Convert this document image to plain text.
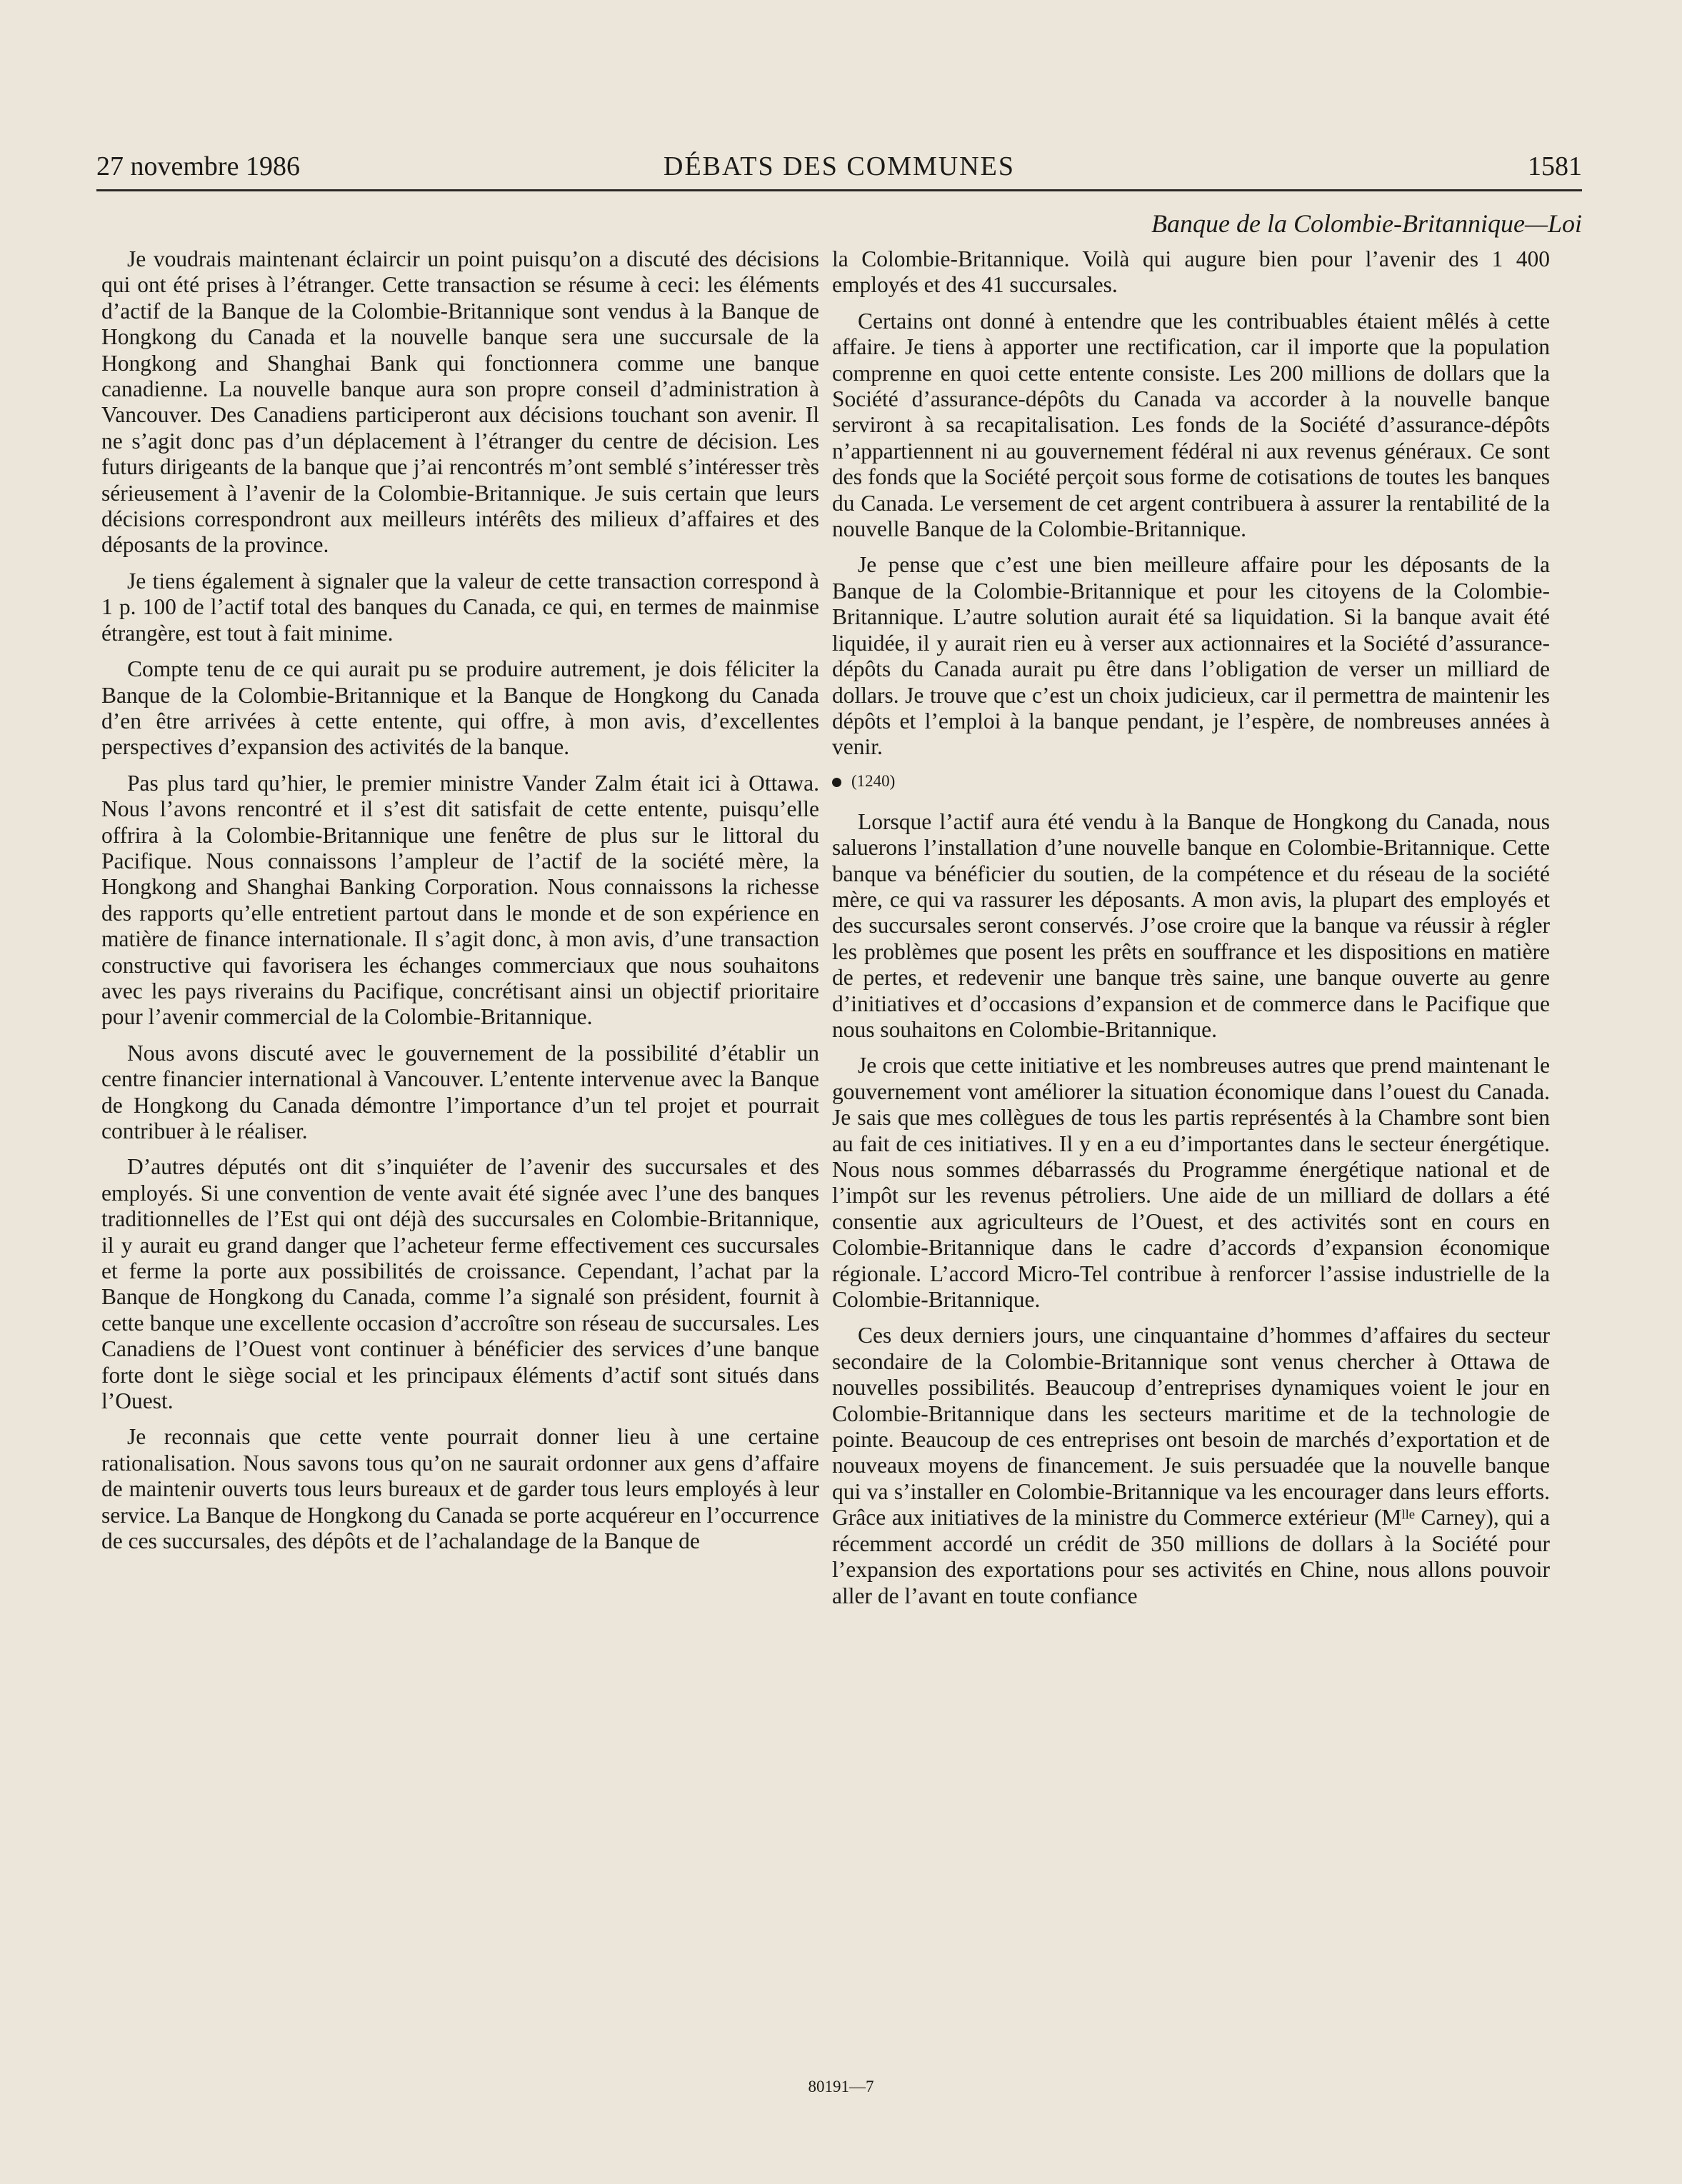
27 novembre 1986	DÉBATS DES COMMUNES	1581
Banque de la Colombie-Britannique—Loi

Je voudrais maintenant éclaircir un point puisqu’on a discuté des décisions qui ont été prises à l’étranger. Cette transaction se résume à ceci: les éléments d’actif de la Banque de la Colombie-Britannique sont vendus à la Banque de Hongkong du Canada et la nouvelle banque sera une succursale de la Hongkong and Shanghai Bank qui fonctionnera comme une banque canadienne. La nouvelle banque aura son propre conseil d’administration à Vancouver. Des Canadiens participeront aux décisions touchant son avenir. Il ne s’agit donc pas d’un déplacement à l’étranger du centre de décision. Les futurs dirigeants de la banque que j’ai rencontrés m’ont semblé s’intéresser très sérieusement à l’avenir de la Colombie-Britannique. Je suis certain que leurs décisions correspondront aux meilleurs intérêts des milieux d’affaires et des déposants de la province.

Je tiens également à signaler que la valeur de cette transaction correspond à 1 p. 100 de l’actif total des banques du Canada, ce qui, en termes de mainmise étrangère, est tout à fait minime.

Compte tenu de ce qui aurait pu se produire autrement, je dois féliciter la Banque de la Colombie-Britannique et la Banque de Hongkong du Canada d’en être arrivées à cette entente, qui offre, à mon avis, d’excellentes perspectives d’expansion des activités de la banque.

Pas plus tard qu’hier, le premier ministre Vander Zalm était ici à Ottawa. Nous l’avons rencontré et il s’est dit satisfait de cette entente, puisqu’elle offrira à la Colombie-Britannique une fenêtre de plus sur le littoral du Pacifique. Nous connaissons l’ampleur de l’actif de la société mère, la Hongkong and Shanghai Banking Corporation. Nous connaissons la richesse des rapports qu’elle entretient partout dans le monde et de son expérience en matière de finance internationale. Il s’agit donc, à mon avis, d’une transaction constructive qui favorisera les échanges commerciaux que nous souhaitons avec les pays riverains du Pacifique, concrétisant ainsi un objectif prioritaire pour l’avenir commercial de la Colombie-Britannique.

Nous avons discuté avec le gouvernement de la possibilité d’établir un centre financier international à Vancouver. L’entente intervenue avec la Banque de Hongkong du Canada démontre l’importance d’un tel projet et pourrait contribuer à le réaliser.

D’autres députés ont dit s’inquiéter de l’avenir des succursales et des employés. Si une convention de vente avait été signée avec l’une des banques traditionnelles de l’Est qui ont déjà des succursales en Colombie-Britannique, il y aurait eu grand danger que l’acheteur ferme effectivement ces succursales et ferme la porte aux possibilités de croissance. Cependant, l’achat par la Banque de Hongkong du Canada, comme l’a signalé son président, fournit à cette banque une excellente occasion d’accroître son réseau de succursales. Les Canadiens de l’Ouest vont continuer à bénéficier des services d’une banque forte dont le siège social et les principaux éléments d’actif sont situés dans l’Ouest.

Je reconnais que cette vente pourrait donner lieu à une certaine rationalisation. Nous savons tous qu’on ne saurait ordonner aux gens d’affaire de maintenir ouverts tous leurs bureaux et de garder tous leurs employés à leur service. La Banque de Hongkong du Canada se porte acquéreur en l’occurrence de ces succursales, des dépôts et de l’achalandage de la Banque de

la Colombie-Britannique. Voilà qui augure bien pour l’avenir des 1 400 employés et des 41 succursales.

Certains ont donné à entendre que les contribuables étaient mêlés à cette affaire. Je tiens à apporter une rectification, car il importe que la population comprenne en quoi cette entente consiste. Les 200 millions de dollars que la Société d’assurance-dépôts du Canada va accorder à la nouvelle banque serviront à sa recapitalisation. Les fonds de la Société d’assurance-dépôts n’appartiennent ni au gouvernement fédéral ni aux revenus généraux. Ce sont des fonds que la Société perçoit sous forme de cotisations de toutes les banques du Canada. Le versement de cet argent contribuera à assurer la rentabilité de la nouvelle Banque de la Colombie-Britannique.

Je pense que c’est une bien meilleure affaire pour les déposants de la Banque de la Colombie-Britannique et pour les citoyens de la Colombie-Britannique. L’autre solution aurait été sa liquidation. Si la banque avait été liquidée, il y aurait rien eu à verser aux actionnaires et la Société d’assurance-dépôts du Canada aurait pu être dans l’obligation de verser un milliard de dollars. Je trouve que c’est un choix judicieux, car il permettra de maintenir les dépôts et l’emploi à la banque pendant, je l’espère, de nombreuses années à venir.

(1240)

Lorsque l’actif aura été vendu à la Banque de Hongkong du Canada, nous saluerons l’installation d’une nouvelle banque en Colombie-Britannique. Cette banque va bénéficier du soutien, de la compétence et du réseau de la société mère, ce qui va rassurer les déposants. A mon avis, la plupart des employés et des succursales seront conservés. J’ose croire que la banque va réussir à régler les problèmes que posent les prêts en souffrance et les dispositions en matière de pertes, et redevenir une banque très saine, une banque ouverte au genre d’initiatives et d’occasions d’expansion et de commerce dans le Pacifique que nous souhaitons en Colombie-Britannique.

Je crois que cette initiative et les nombreuses autres que prend maintenant le gouvernement vont améliorer la situation économique dans l’ouest du Canada. Je sais que mes collègues de tous les partis représentés à la Chambre sont bien au fait de ces initiatives. Il y en a eu d’importantes dans le secteur énergétique. Nous nous sommes débarrassés du Programme énergétique national et de l’impôt sur les revenus pétroliers. Une aide de un milliard de dollars a été consentie aux agriculteurs de l’Ouest, et des activités sont en cours en Colombie-Britannique dans le cadre d’accords d’expansion économique régionale. L’accord Micro-Tel contribue à renforcer l’assise industrielle de la Colombie-Britannique.

Ces deux derniers jours, une cinquantaine d’hommes d’affaires du secteur secondaire de la Colombie-Britannique sont venus chercher à Ottawa de nouvelles possibilités. Beaucoup d’entreprises dynamiques voient le jour en Colombie-Britannique dans les secteurs maritime et de la technologie de pointe. Beaucoup de ces entreprises ont besoin de marchés d’exportation et de nouveaux moyens de financement. Je suis persuadée que la nouvelle banque qui va s’installer en Colombie-Britannique va les encourager dans leurs efforts. Grâce aux initiatives de la ministre du Commerce extérieur (Mˡˡᵉ Carney), qui a récemment accordé un crédit de 350 millions de dollars à la Société pour l’expansion des exportations pour ses activités en Chine, nous allons pouvoir aller de l’avant en toute confiance

80191—7
